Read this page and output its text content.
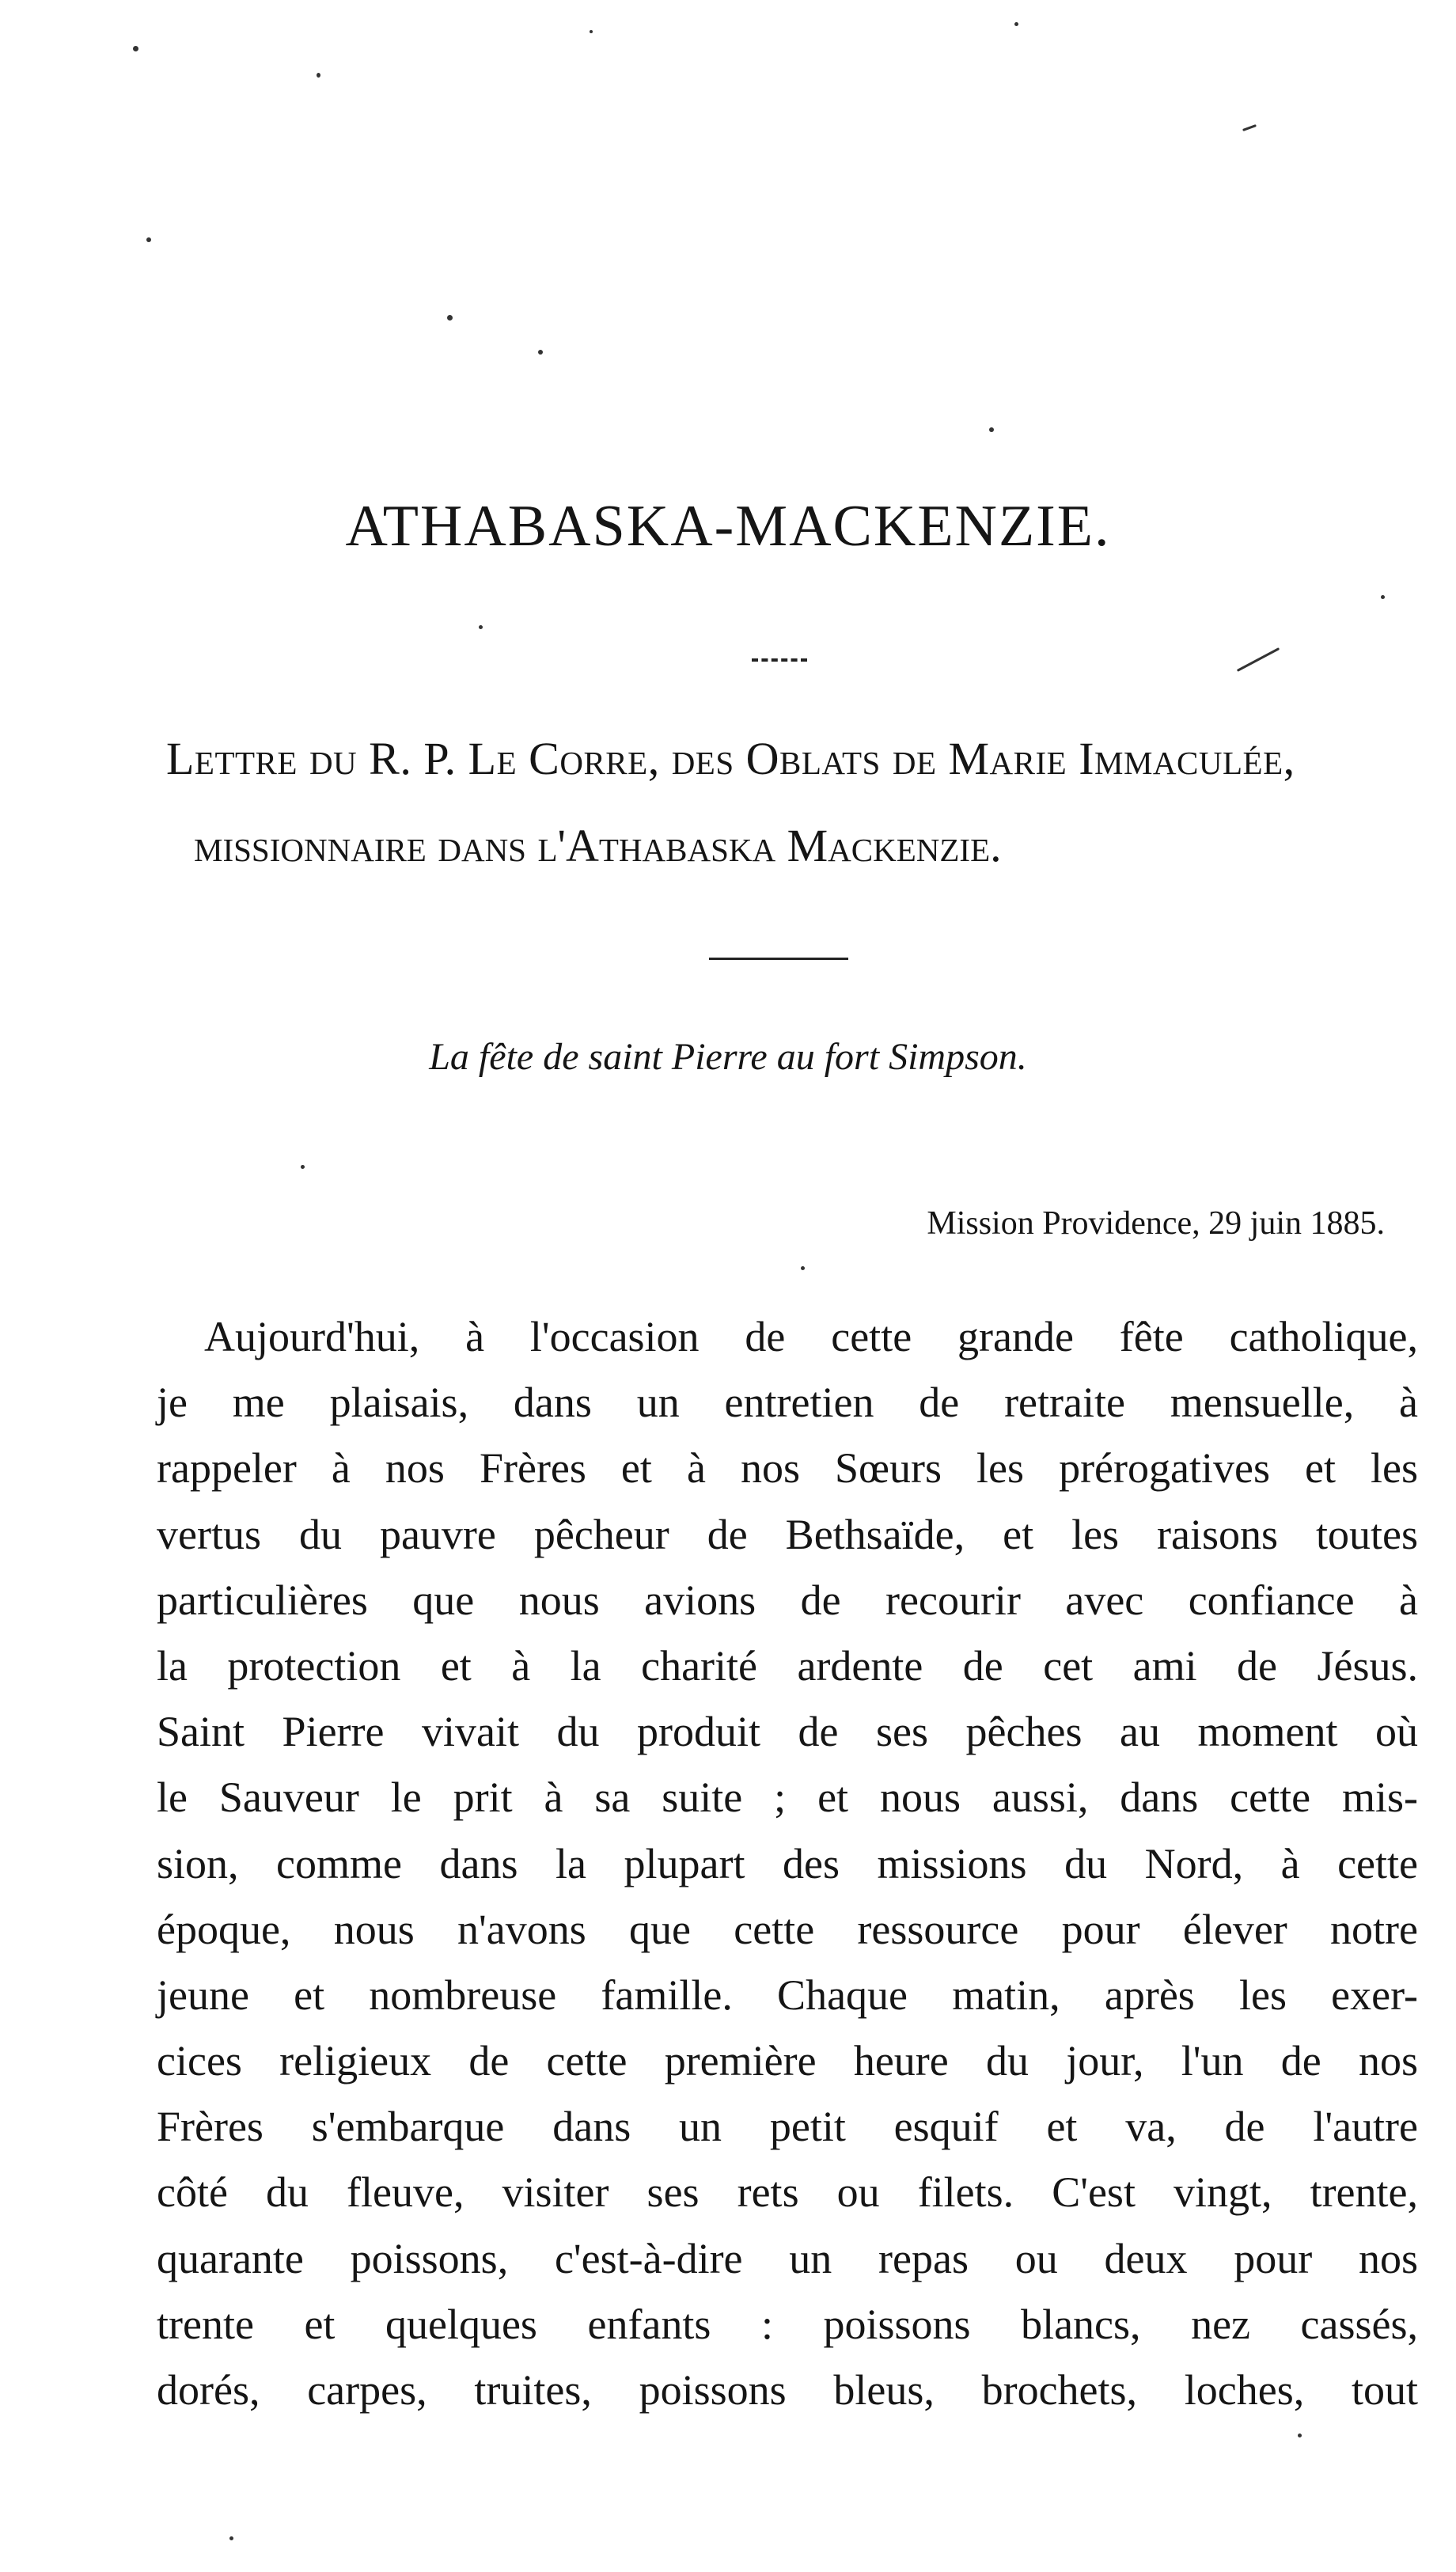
ATHABASKA-MACKENZIE.
Lettre du R. P. Le Corre, des Oblats de Marie Immaculée,
missionnaire dans l'Athabaska Mackenzie.
La fête de saint Pierre au fort Simpson.
Mission Providence, 29 juin 1885.
Aujourd'hui, à l'occasion de cette grande fête catholique,
je me plaisais, dans un entretien de retraite mensuelle, à
rappeler à nos Frères et à nos Sœurs les prérogatives et les
vertus du pauvre pêcheur de Bethsaïde, et les raisons toutes
particulières que nous avions de recourir avec confiance à
la protection et à la charité ardente de cet ami de Jésus.
Saint Pierre vivait du produit de ses pêches au moment où
le Sauveur le prit à sa suite ; et nous aussi, dans cette mis-
sion, comme dans la plupart des missions du Nord, à cette
époque, nous n'avons que cette ressource pour élever notre
jeune et nombreuse famille. Chaque matin, après les exer-
cices religieux de cette première heure du jour, l'un de nos
Frères s'embarque dans un petit esquif et va, de l'autre
côté du fleuve, visiter ses rets ou filets. C'est vingt, trente,
quarante poissons, c'est-à-dire un repas ou deux pour nos
trente et quelques enfants : poissons blancs, nez cassés,
dorés, carpes, truites, poissons bleus, brochets, loches, tout
